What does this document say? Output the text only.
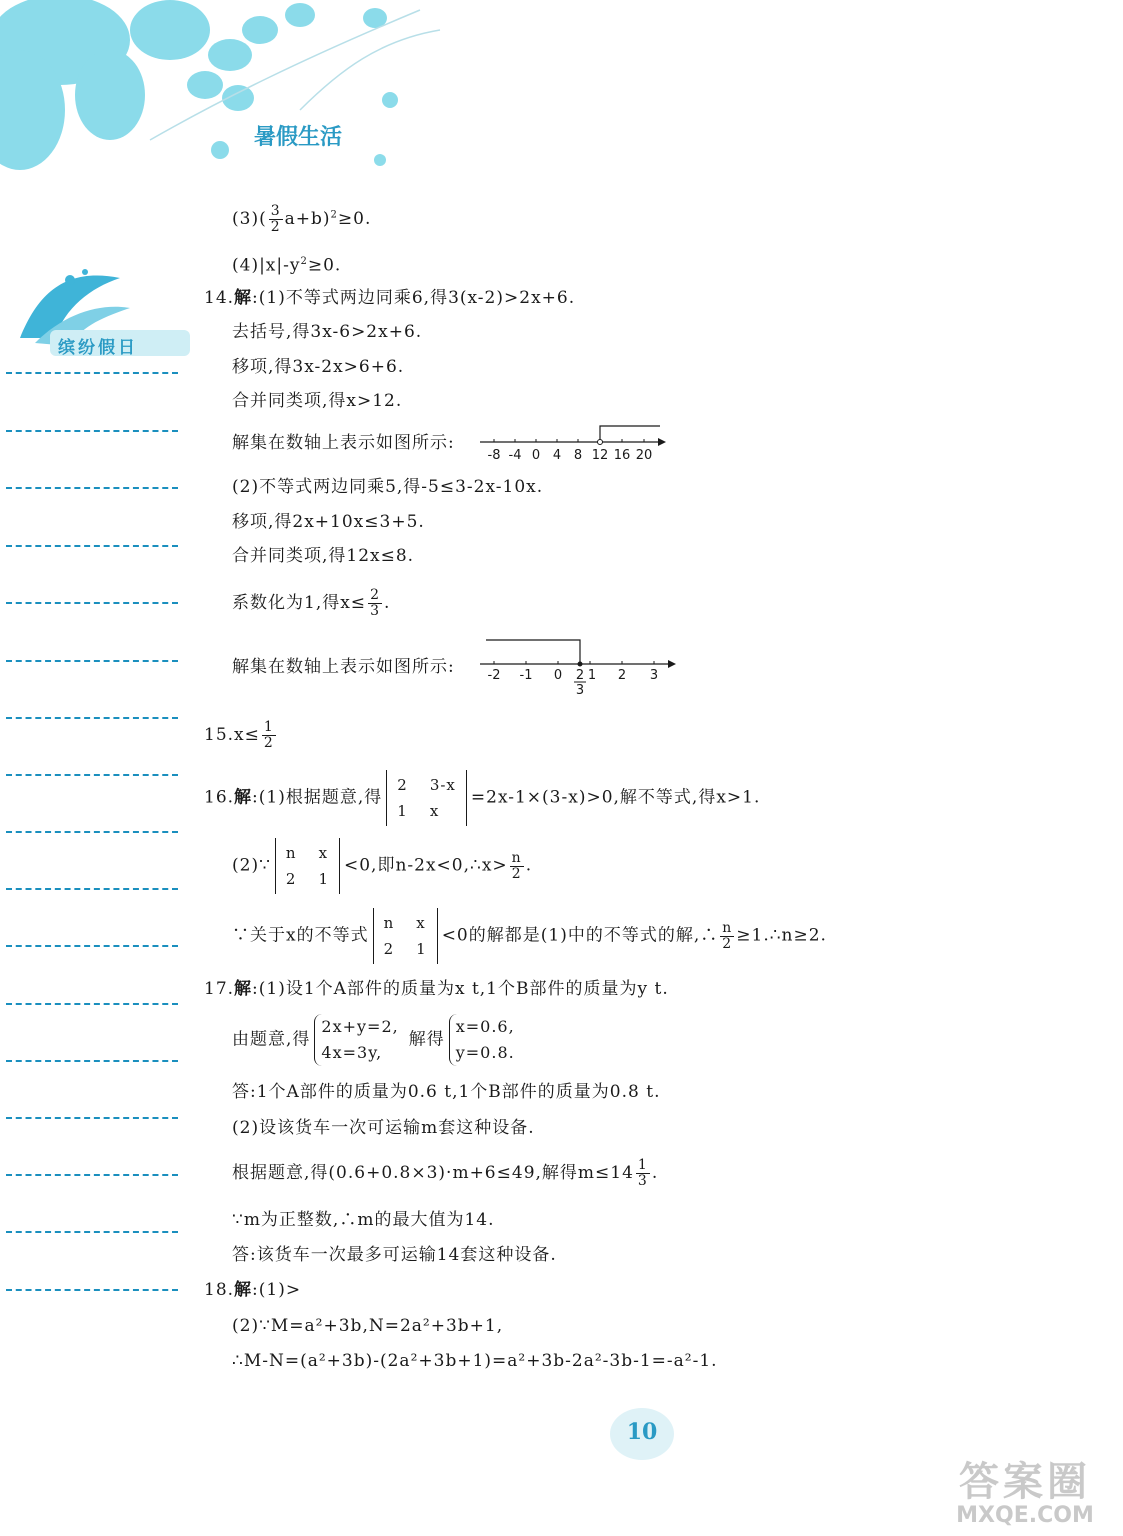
暑假生活
缤纷假日
$(3)( \frac{3}{2} a+b)^2\ge 0$.
$(4)|x|-y^2\ge 0$.
14.解:(1)不等式两边同乘6,得3(x-2)>2x+6.
去括号,得3x-6>2x+6.
移项,得3x-2x>6+6.
合并同类项,得x>12.
解集在数轴上表示如图所示:
-8 -4 0 4 8 12 16 20
(2)不等式两边同乘5,得-5≤3-2x-10x.
移项,得2x+10x≤3+5.
合并同类项,得12x≤8.
系数化为1,得$x\le \frac{2}{3}$ .
解集在数轴上表示如图所示:	-2 -1 0 2
3
1 2 3
$15.x\le \frac{1}{2}$
16.解:(1)根据题意,得
2 3-x
1 x
=2x-1×(3-x)>0,解不等式,得x>1.
(2)∵
n x
2 1
<0,即n-2x<0,∴x> $\frac{n}{2}$ .
∵关于x的不等式
n x
2 1
<0的解都是(1)中的不等式的解,∴ $\frac{n}{2}$ ≥1.∴n≥2.
17.解:(1)设1个A部件的质量为x t,1个B部件的质量为y t.
由题意,得
2x+y=2,
4x=3y,
解得
x=0.6,
y=0.8.
答:1个A部件的质量为0.6 t,1个B部件的质量为0.8 t.
(2)设该货车一次可运输m套这种设备.
根据题意,得(0.6+0.8×3)·m+6≤49,解得$m\le 14 \frac{1}{3}$ .
∵m为正整数,∴m的最大值为14.
答:该货车一次最多可运输14套这种设备.
18.解:(1)>
(2)∵M=a²+3b,N=2a²+3b+1,
∴M-N=(a²+3b)-(2a²+3b+1)=a²+3b-2a²-3b-1=-a²-1.
10
答案圈
MXQE.COM
